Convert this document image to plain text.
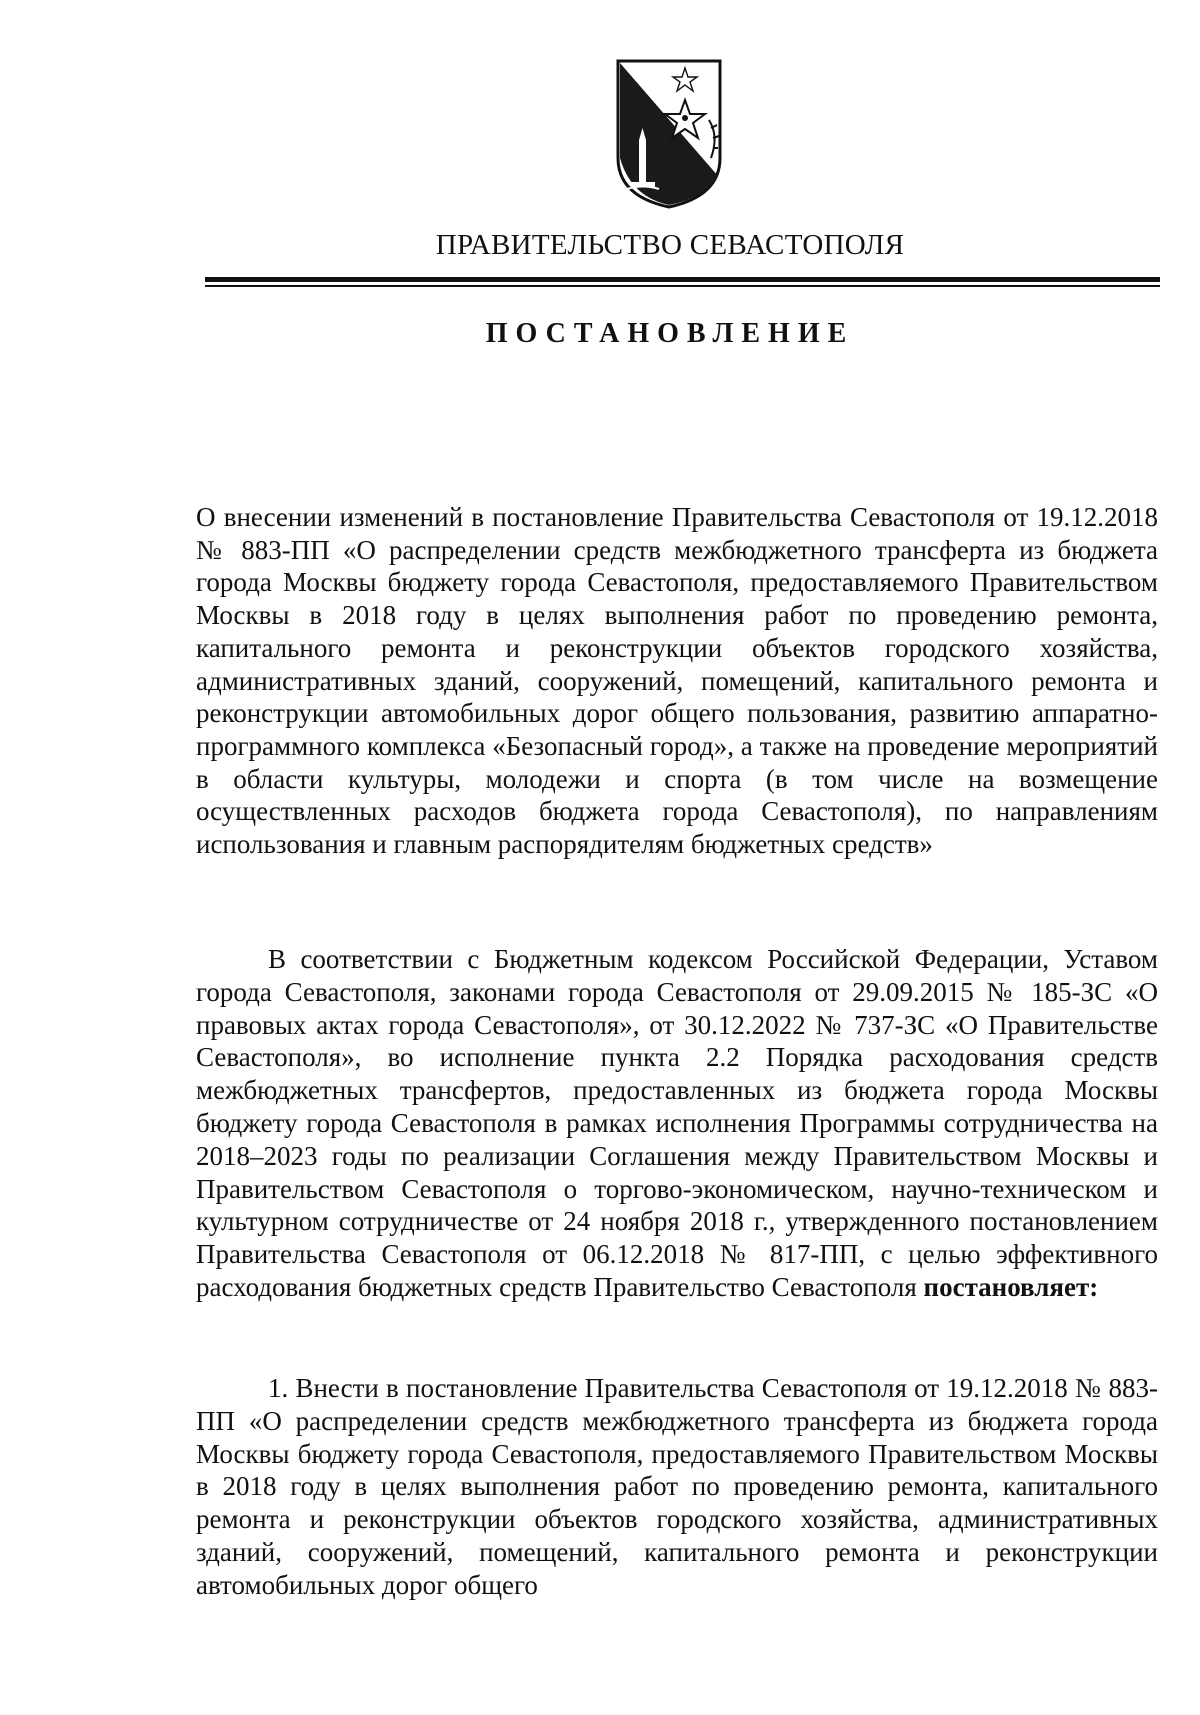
ПРАВИТЕЛЬСТВО СЕВАСТОПОЛЯ
ПОСТАНОВЛЕНИЕ
О внесении изменений в постановление Правительства Севастополя от 19.12.2018 № 883-ПП «О распределении средств межбюджетного трансферта из бюджета города Москвы бюджету города Севастополя, предоставляемого Правительством Москвы в 2018 году в целях выполнения работ по проведению ремонта, капитального ремонта и реконструкции объектов городского хозяйства, административных зданий, сооружений, помещений, капитального ремонта и реконструкции автомобильных дорог общего пользования, развитию аппаратно-программного комплекса «Безопасный город», а также на проведение мероприятий в области культуры, молодежи и спорта (в том числе на возмещение осуществленных расходов бюджета города Севастополя), по направлениям использования и главным распорядителям бюджетных средств»
В соответствии с Бюджетным кодексом Российской Федерации, Уставом города Севастополя, законами города Севастополя от 29.09.2015 № 185-ЗС «О правовых актах города Севастополя», от 30.12.2022 № 737-ЗС «О Правительстве Севастополя», во исполнение пункта 2.2 Порядка расходования средств межбюджетных трансфертов, предоставленных из бюджета города Москвы бюджету города Севастополя в рамках исполнения Программы сотрудничества на 2018–2023 годы по реализации Соглашения между Правительством Москвы и Правительством Севастополя о торгово-экономическом, научно-техническом и культурном сотрудничестве от 24 ноября 2018 г., утвержденного постановлением Правительства Севастополя от 06.12.2018 № 817-ПП, с целью эффективного расходования бюджетных средств Правительство Севастополя постановляет:
1. Внести в постановление Правительства Севастополя от 19.12.2018 № 883-ПП «О распределении средств межбюджетного трансферта из бюджета города Москвы бюджету города Севастополя, предоставляемого Правительством Москвы в 2018 году в целях выполнения работ по проведению ремонта, капитального ремонта и реконструкции объектов городского хозяйства, административных зданий, сооружений, помещений, капитального ремонта и реконструкции автомобильных дорог общего
